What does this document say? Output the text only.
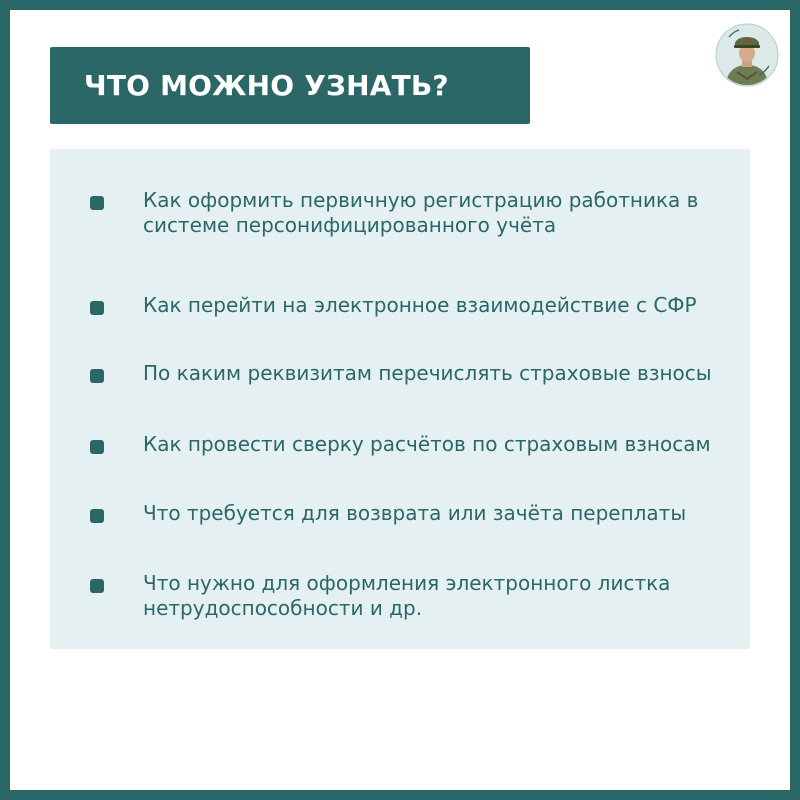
ЧТО МОЖНО УЗНАТЬ?
Как оформить первичную регистрацию работника в системе персонифицированного учёта
Как перейти на электронное взаимодействие с СФР
По каким реквизитам перечислять страховые взносы
Как провести сверку расчётов по страховым взносам
Что требуется для возврата или зачёта переплаты
Что нужно для оформления электронного листка нетрудоспособности и др.
